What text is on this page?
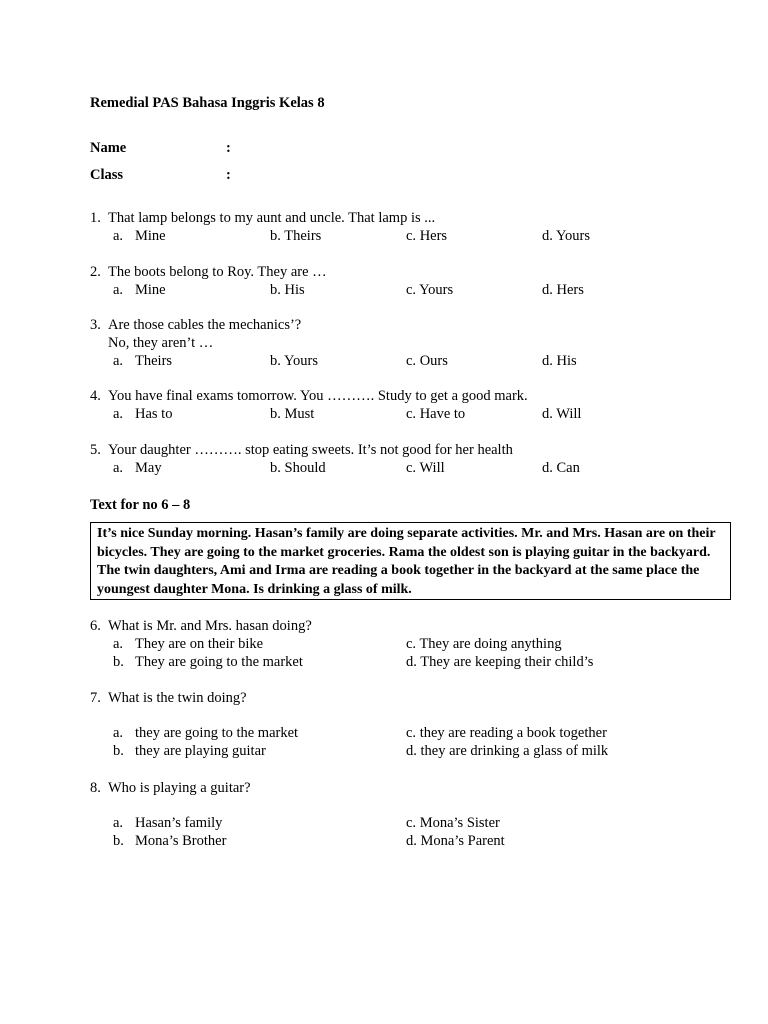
Remedial PAS Bahasa Inggris Kelas 8
Name	:
Class	:
1. That lamp belongs to my aunt and uncle. That lamp is ...
a. Mine	b. Theirs	c. Hers	d. Yours
2. The boots belong to Roy. They are …
a. Mine	b. His	c. Yours	d. Hers
3. Are those cables the mechanics’?
No, they aren’t …
a. Theirs	b. Yours	c. Ours	d. His
4. You have final exams tomorrow. You ………. Study to get a good mark.
a. Has to	b. Must	c. Have to	d. Will
5. Your daughter ………. stop eating sweets. It’s not good for her health
a. May	b. Should	c. Will	d. Can
Text for no 6 – 8
It’s nice Sunday morning. Hasan’s family are doing separate activities. Mr. and Mrs. Hasan are on their bicycles. They are going to the market groceries. Rama the oldest son is playing guitar in the backyard. The twin daughters, Ami and Irma are reading a book together in the backyard at the same place the youngest daughter Mona. Is drinking a glass of milk.
6. What is Mr. and Mrs. hasan doing?
a. They are on their bike	c. They are doing anything
b. They are going to the market	d. They are keeping their child’s
7. What is the twin doing?
a. they are going to the market	c. they are reading a book together
b. they are playing guitar	d. they are drinking a glass of milk
8. Who is playing a guitar?
a. Hasan’s family	c. Mona’s Sister
b. Mona’s Brother	d. Mona’s Parent
